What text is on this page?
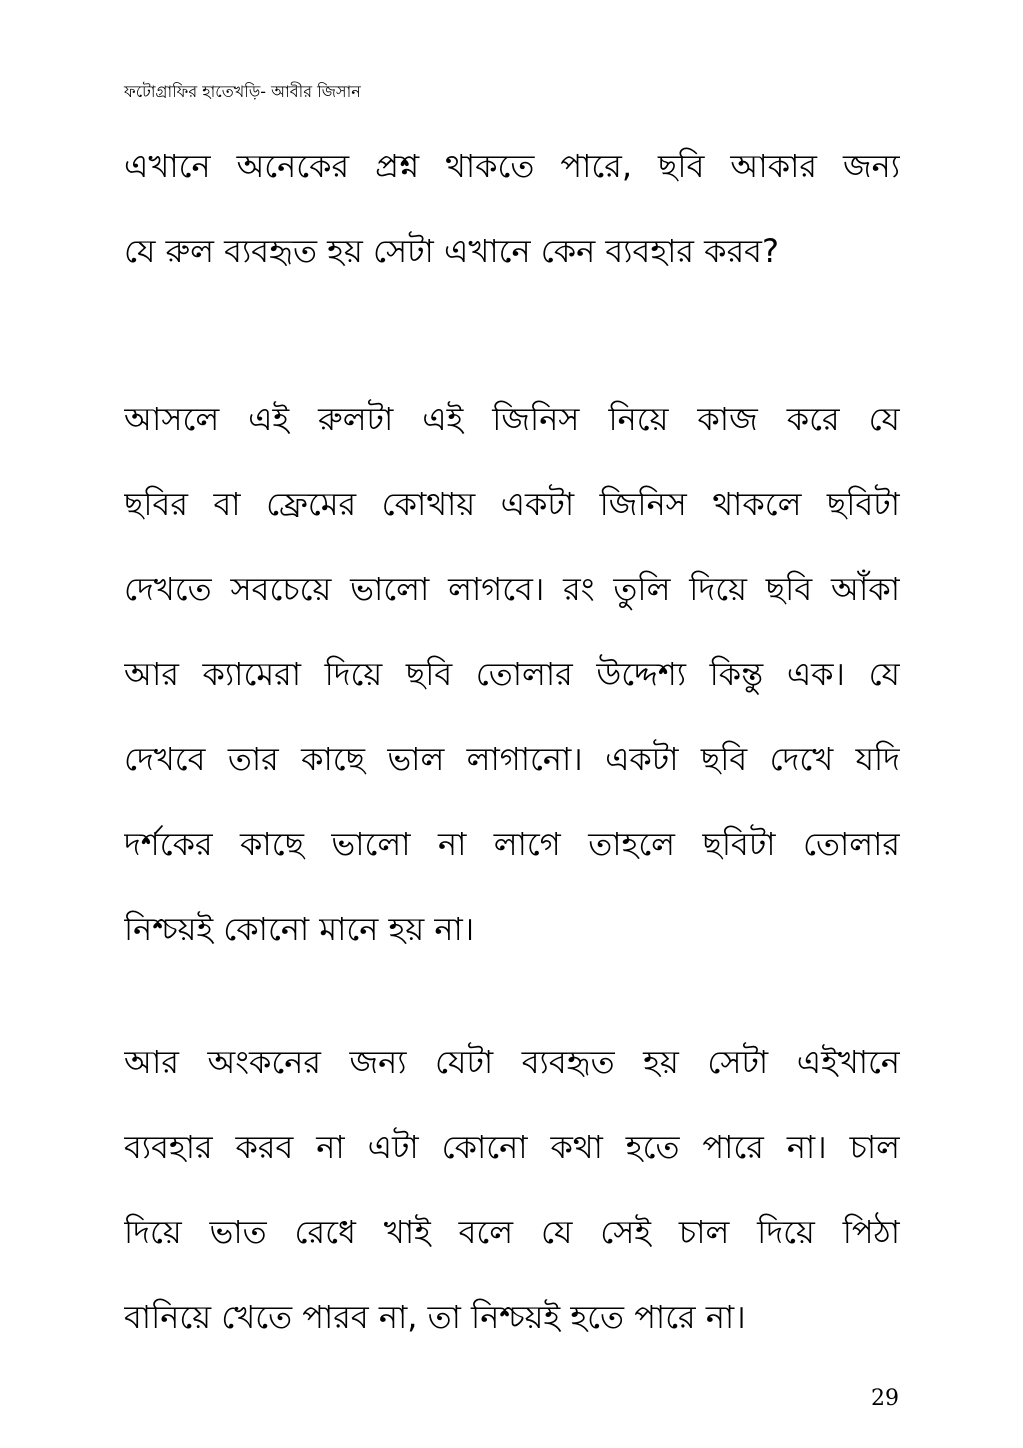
ফটোগ্রাফির হাতেখড়ি- আবীর জিসান
এখানে অনেকের প্রশ্ন থাকতে পারে, ছবি আকার জন্য
যে রুল ব্যবহৃত হয় সেটা এখানে কেন ব্যবহার করব?
আসলে এই রুলটা এই জিনিস নিয়ে কাজ করে যে
ছবির বা ফ্রেমের কোথায় একটা জিনিস থাকলে ছবিটা
দেখতে সবচেয়ে ভালো লাগবে। রং তুলি দিয়ে ছবি আঁকা
আর ক্যামেরা দিয়ে ছবি তোলার উদ্দেশ্য কিন্তু এক। যে
দেখবে তার কাছে ভাল লাগানো। একটা ছবি দেখে যদি
দর্শকের কাছে ভালো না লাগে তাহলে ছবিটা তোলার
নিশ্চয়ই কোনো মানে হয় না।
আর অংকনের জন্য যেটা ব্যবহৃত হয় সেটা এইখানে
ব্যবহার করব না এটা কোনো কথা হতে পারে না। চাল
দিয়ে ভাত রেধে খাই বলে যে সেই চাল দিয়ে পিঠা
বানিয়ে খেতে পারব না, তা নিশ্চয়ই হতে পারে না।
29
